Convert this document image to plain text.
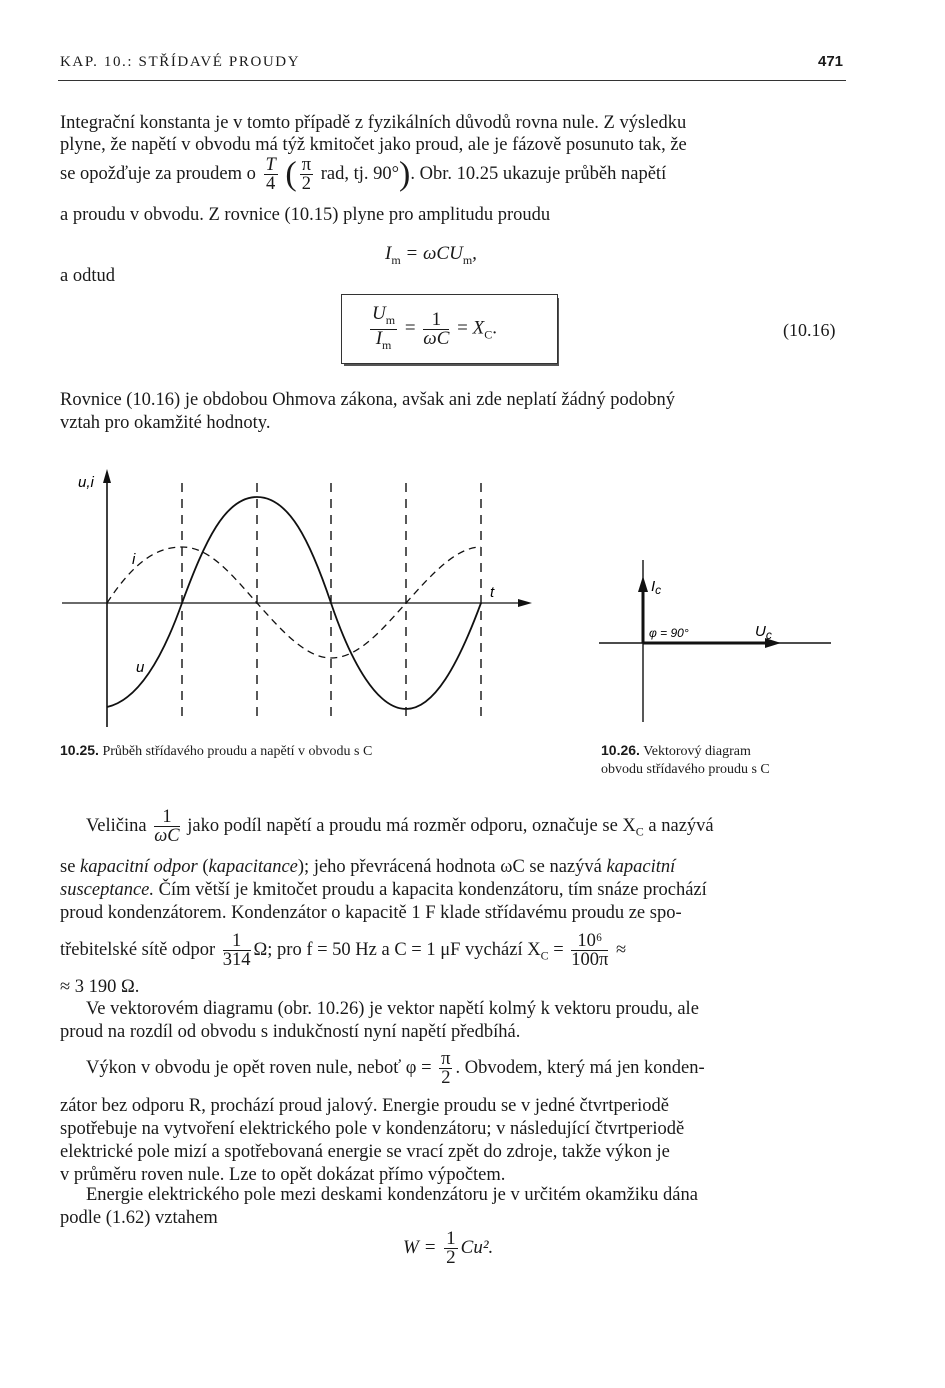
KAP. 10.: STŘÍDAVÉ PROUDY	471
Integrační konstanta je v tomto případě z fyzikálních důvodů rovna nule. Z výsledku
plyne, že napětí v obvodu má týž kmitočet jako proud, ale je fázově posunuto tak, že
se opožďuje za proudem o $\frac{T}{4}$ ( $\frac{\pi}{2}$ rad, tj. 90°). Obr. 10.25 ukazuje průběh napětí
a proudu v obvodu. Z rovnice (10.15) plyne pro amplitudu proudu
$I_m = \omega CU_m$,
a odtud
$\frac{U_m}{I_m} = \frac{1}{\omega C} = X_C$.	(10.16)
Rovnice (10.16) je obdobou Ohmova zákona, avšak ani zde neplatí žádný podobný
vztah pro okamžité hodnoty.
u,i
i
u
t
10.25. Průběh střídavého proudu a napětí v obvodu s C
$I_c$
φ = 90°	$U_c$
10.26. Vektorový diagram
obvodu střídavého proudu s C
Veličina $\frac{1}{\omega C}$ jako podíl napětí a proudu má rozměr odporu, označuje se $X_C$ a nazývá
se kapacitní odpor (kapacitance); jeho převrácená hodnota ωC se nazývá kapacitní
susceptance. Čím větší je kmitočet proudu a kapacita kondenzátoru, tím snáze prochází
proud kondenzátorem. Kondenzátor o kapacitě 1 F klade střídavému proudu ze spo-
třebitelské sítě odpor $\frac{1}{314} \Omega$; pro f = 50 Hz a C = 1 μF vychází $X_C = \frac{\text{10⁶}}{100\pi}$ ≈
≈ 3 190 Ω.
Ve vektorovém diagramu (obr. 10.26) je vektor napětí kolmý k vektoru proudu, ale
proud na rozdíl od obvodu s indukčností nyní napětí předbíhá.
Výkon v obvodu je opět roven nule, neboť $\varphi = \frac{\pi}{2}$ . Obvodem, který má jen konden-
zátor bez odporu R, prochází proud jalový. Energie proudu se v jedné čtvrtperiodě
spotřebuje na vytvoření elektrického pole v kondenzátoru; v následující čtvrtperiodě
elektrické pole mizí a spotřebovaná energie se vrací zpět do zdroje, takže výkon je
v průměru roven nule. Lze to opět dokázat přímo výpočtem.
Energie elektrického pole mezi deskami kondenzátoru je v určitém okamžiku dána
podle (1.62) vztahem
$W = \frac{1}{2} Cu^2$.
